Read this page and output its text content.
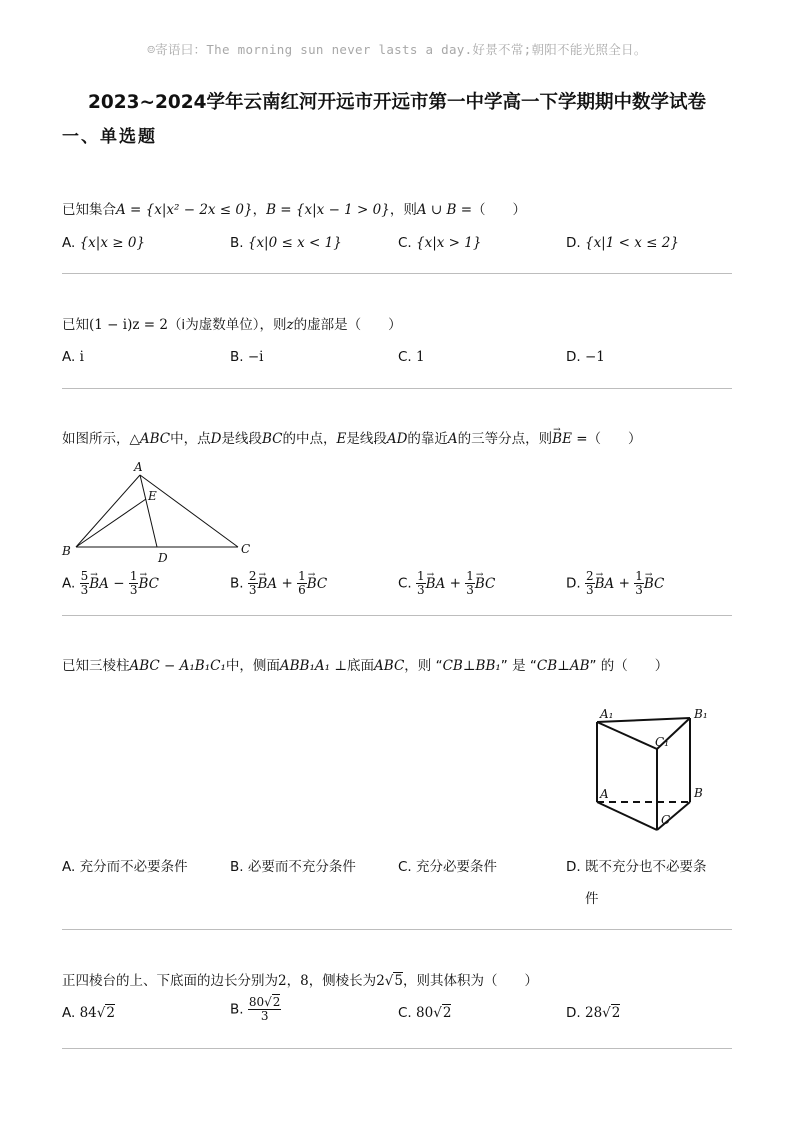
☺寄语曰：The morning sun never lasts a day.好景不常;朝阳不能光照全日。
2023~2024学年云南红河开远市开远市第一中学高一下学期期中数学试卷
一、单选题
已知集合A = {x|x² − 2x ≤ 0}，B = {x|x − 1 > 0}，则A ∪ B =（　　）
A. {x|x ≥ 0}	B. {x|0 ≤ x < 1}	C. {x|x > 1}	D. {x|1 < x ≤ 2}
已知(1 − i)z = 2（i为虚数单位），则z的虚部是（　　）
A. i	B. −i	C. 1	D. −1
如图所示，△ABC中，点D是线段BC的中点，E是线段AD的靠近A的三等分点，则→ BE =（　　）
A
E
B	D
C
A. $\frac{5}{3}$ → BA − $\frac{1}{3}$ → BC	B. $\frac{2}{3}$ → BA + $\frac{1}{6}$ → BC	C. $\frac{1}{3}$ → BA + $\frac{1}{3}$ → BC	D. $\frac{2}{3}$ → BA + $\frac{1}{3}$ → BC
已知三棱柱ABC − A₁B₁C₁中，侧面ABB₁A₁ ⊥底面ABC，则 “CB⊥BB₁” 是 “CB⊥AB” 的（　　）
A₁	B₁
C₁
A	B
C
A. 充分而不必要条件	B. 必要而不充分条件	C. 充分必要条件	D. 既不充分也不必要条
件
正四棱台的上、下底面的边长分别为2，8，侧棱长为2√5，则其体积为（　　）
A. 84√2	B. $\frac{80√2}{3}$	C. 80√2	D. 28√2
